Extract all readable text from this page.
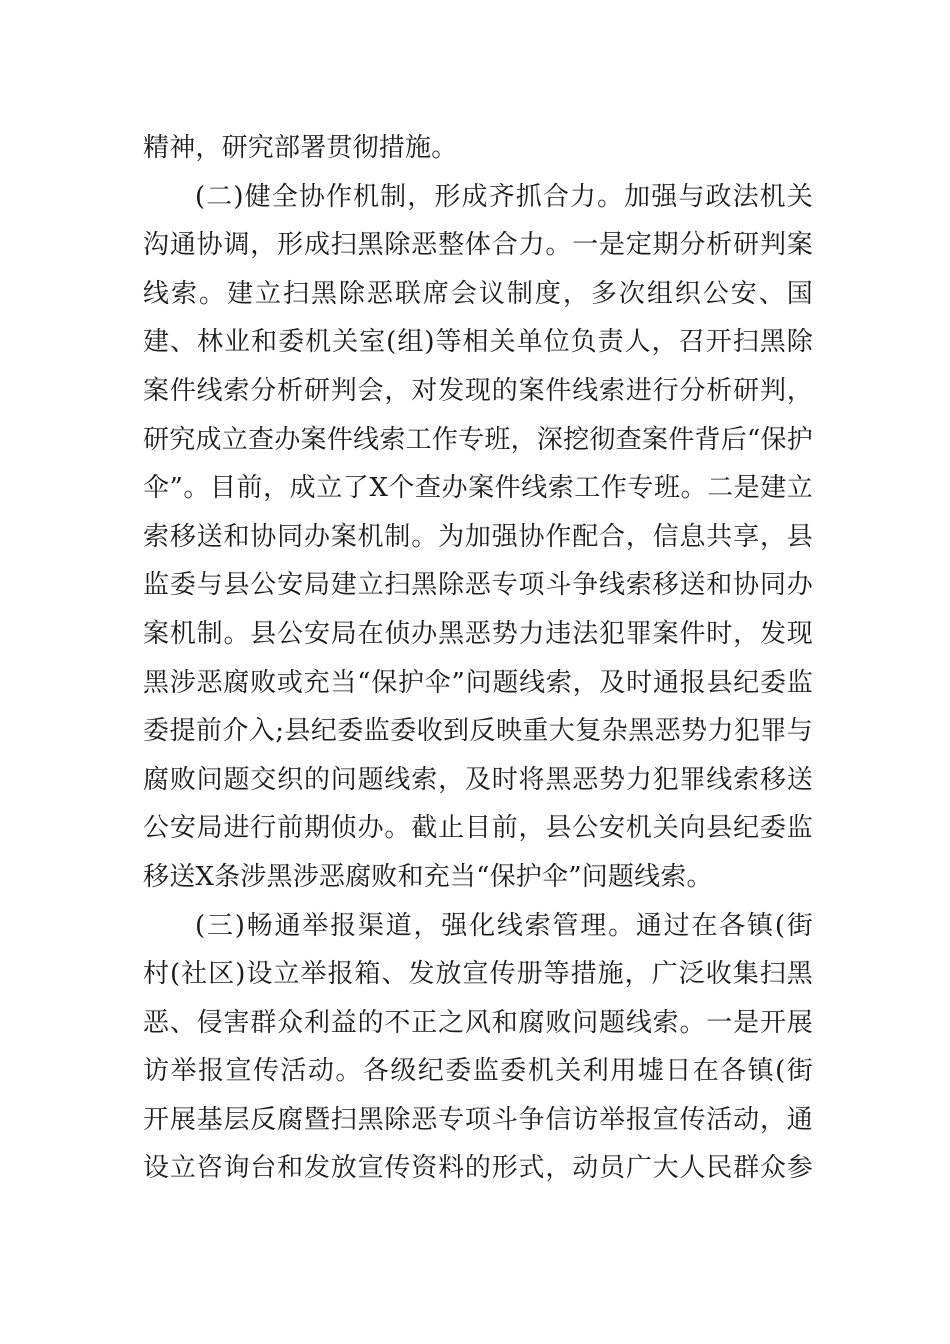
精神，研究部署贯彻措施。
(二)健全协作机制，形成齐抓合力。加强与政法机关
沟通协调，形成扫黑除恶整体合力。一是定期分析研判案
线索。建立扫黑除恶联席会议制度，多次组织公安、国
建、林业和委机关室(组)等相关单位负责人，召开扫黑除
案件线索分析研判会，对发现的案件线索进行分析研判，
研究成立查办案件线索工作专班，深挖彻查案件背后“保护
伞”。目前，成立了X个查办案件线索工作专班。二是建立
索移送和协同办案机制。为加强协作配合，信息共享，县
监委与县公安局建立扫黑除恶专项斗争线索移送和协同办
案机制。县公安局在侦办黑恶势力违法犯罪案件时，发现
黑涉恶腐败或充当“保护伞”问题线索，及时通报县纪委监
委提前介入;县纪委监委收到反映重大复杂黑恶势力犯罪与
腐败问题交织的问题线索，及时将黑恶势力犯罪线索移送
公安局进行前期侦办。截止目前，县公安机关向县纪委监
移送X条涉黑涉恶腐败和充当“保护伞”问题线索。
(三)畅通举报渠道，强化线索管理。通过在各镇(街
村(社区)设立举报箱、发放宣传册等措施，广泛收集扫黑
恶、侵害群众利益的不正之风和腐败问题线索。一是开展
访举报宣传活动。各级纪委监委机关利用墟日在各镇(街
开展基层反腐暨扫黑除恶专项斗争信访举报宣传活动，通
设立咨询台和发放宣传资料的形式，动员广大人民群众参
